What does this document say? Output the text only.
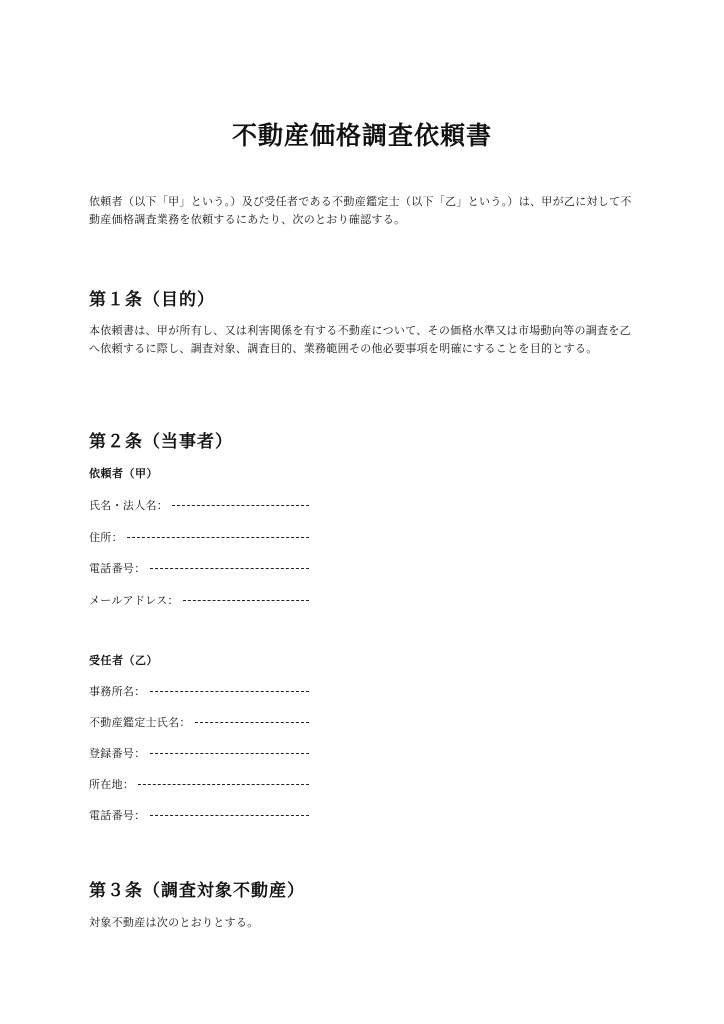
不動産価格調査依頼書
依頼者（以下「甲」という。）及び受任者である不動産鑑定士（以下「乙」という。）は、甲が乙に対して不動産価格調査業務を依頼するにあたり、次のとおり確認する。
第１条（目的）
本依頼書は、甲が所有し、又は利害関係を有する不動産について、その価格水準又は市場動向等の調査を乙へ依頼するに際し、調査対象、調査目的、業務範囲その他必要事項を明確にすることを目的とする。
第２条（当事者）
依頼者（甲）
氏名・法人名：
住所：
電話番号：
メールアドレス：
受任者（乙）
事務所名：
不動産鑑定士氏名：
登録番号：
所在地：
電話番号：
第３条（調査対象不動産）
対象不動産は次のとおりとする。
